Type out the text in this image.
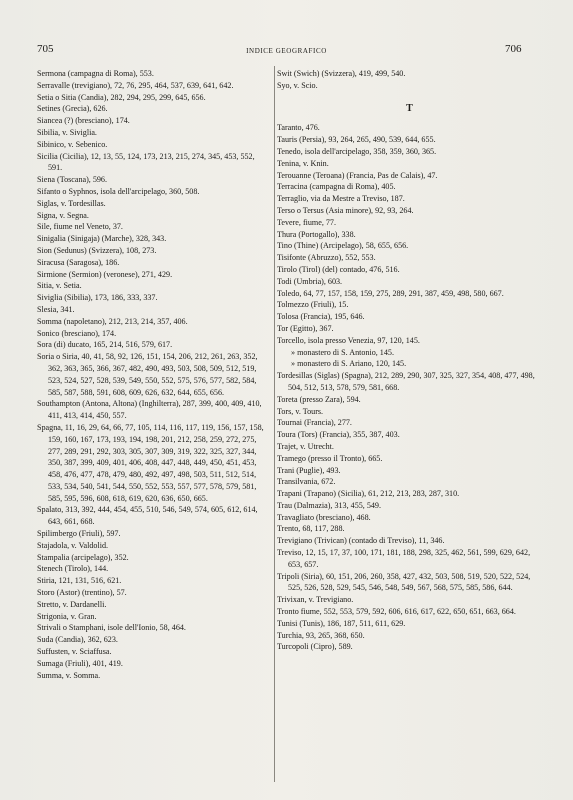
705	INDICE GEOGRAFICO	706
Sermona (campagna di Roma), 553.
Serravalle (trevigiano), 72, 76, 295, 464, 537, 639, 641, 642.
Setia o Sitia (Candia), 282, 294, 295, 299, 645, 656.
Setines (Grecia), 626.
Siancea (?) (bresciano), 174.
Sibilia, v. Siviglia.
Sibinico, v. Sebenico.
Sicilia (Cicilia), 12, 13, 55, 124, 173, 213, 215, 274, 345, 453, 552, 591.
Siena (Toscana), 596.
Sifanto o Syphnos, isola dell'arcipelago, 360, 508.
Siglas, v. Tordesillas.
Signa, v. Segna.
Sile, fiume nel Veneto, 37.
Sinigalia (Sinigaja) (Marche), 328, 343.
Sion (Sedunus) (Svizzera), 108, 273.
Siracusa (Saragosa), 186.
Sirmione (Sermion) (veronese), 271, 429.
Sitia, v. Setia.
Siviglia (Sibilia), 173, 186, 333, 337.
Slesia, 341.
Somma (napoletano), 212, 213, 214, 357, 406.
Sonico (bresciano), 174.
Sora (di) ducato, 165, 214, 516, 579, 617.
Soria o Siria, 40, 41, 58, 92, 126, 151, 154, 206, 212, 261, 263, 352, 362, 363, 365, 366, 367, 482, 490, 493, 503, 508, 509, 512, 519, 523, 524, 527, 528, 539, 549, 550, 552, 575, 576, 577, 582, 584, 585, 587, 588, 591, 608, 609, 626, 632, 644, 655, 656.
Southampton (Antona, Altona) (Inghilterra), 287, 399, 400, 409, 410, 411, 413, 414, 450, 557.
Spagna, 11, 16, 29, 64, 66, 77, 105, 114, 116, 117, 119, 156, 157, 158, 159, 160, 167, 173, 193, 194, 198, 201, 212, 258, 259, 272, 275, 277, 289, 291, 292, 303, 305, 307, 309, 319, 322, 325, 327, 344, 350, 387, 399, 409, 401, 406, 408, 447, 448, 449, 450, 451, 453, 458, 476, 477, 478, 479, 480, 492, 497, 498, 503, 511, 512, 514, 533, 534, 540, 541, 544, 550, 552, 553, 557, 577, 578, 579, 581, 585, 595, 596, 608, 618, 619, 620, 636, 650, 665.
Spalato, 313, 392, 444, 454, 455, 510, 546, 549, 574, 605, 612, 614, 643, 661, 668.
Spilimbergo (Friuli), 597.
Stajadola, v. Valdolid.
Stampalia (arcipelago), 352.
Stenech (Tirolo), 144.
Stiria, 121, 131, 516, 621.
Storo (Astor) (trentino), 57.
Stretto, v. Dardanelli.
Strigonia, v. Gran.
Strivali o Stamphani, isole dell'Ionio, 58, 464.
Suda (Candia), 362, 623.
Suffusten, v. Sciaffusa.
Sumaga (Friuli), 401, 419.
Summa, v. Somma.
Swit (Swich) (Svizzera), 419, 499, 540.
Syo, v. Scio.
T
Taranto, 476.
Tauris (Persia), 93, 264, 265, 490, 539, 644, 655.
Tenedo, isola dell'arcipelago, 358, 359, 360, 365.
Tenina, v. Knin.
Terouanne (Teroana) (Francia, Pas de Calais), 47.
Terracina (campagna di Roma), 405.
Terraglio, via da Mestre a Treviso, 187.
Terso o Tersus (Asia minore), 92, 93, 264.
Tevere, fiume, 77.
Thura (Portogallo), 338.
Tino (Thine) (Arcipelago), 58, 655, 656.
Tisifonte (Abruzzo), 552, 553.
Tirolo (Tirol) (del) contado, 476, 516.
Todi (Umbria), 603.
Toledo, 64, 77, 157, 158, 159, 275, 289, 291, 387, 459, 498, 580, 667.
Tolmezzo (Friuli), 15.
Tolosa (Francia), 195, 646.
Tor (Egitto), 367.
Torcello, isola presso Venezia, 97, 120, 145.
» monastero di S. Antonio, 145.
» monastero di S. Ariano, 120, 145.
Tordesillas (Siglas) (Spagna), 212, 289, 290, 307, 325, 327, 354, 408, 477, 498, 504, 512, 513, 578, 579, 581, 668.
Toreta (presso Zara), 594.
Tors, v. Tours.
Tournai (Francia), 277.
Toura (Tors) (Francia), 355, 387, 403.
Trajet, v. Utrecht.
Tramego (presso il Tronto), 665.
Trani (Puglie), 493.
Transilvania, 672.
Trapani (Trapano) (Sicilia), 61, 212, 213, 283, 287, 310.
Trau (Dalmazia), 313, 455, 549.
Travagliato (bresciano), 468.
Trento, 68, 117, 288.
Trevigiano (Trivican) (contado di Treviso), 11, 346.
Treviso, 12, 15, 17, 37, 100, 171, 181, 188, 298, 325, 462, 561, 599, 629, 642, 653, 657.
Tripoli (Siria), 60, 151, 206, 260, 358, 427, 432, 503, 508, 519, 520, 522, 524, 525, 526, 528, 529, 545, 546, 548, 549, 567, 568, 575, 585, 586, 644.
Trivixan, v. Trevigiano.
Tronto fiume, 552, 553, 579, 592, 606, 616, 617, 622, 650, 651, 663, 664.
Tunisi (Tunis), 186, 187, 511, 611, 629.
Turchia, 93, 265, 368, 650.
Turcopoli (Cipro), 589.
